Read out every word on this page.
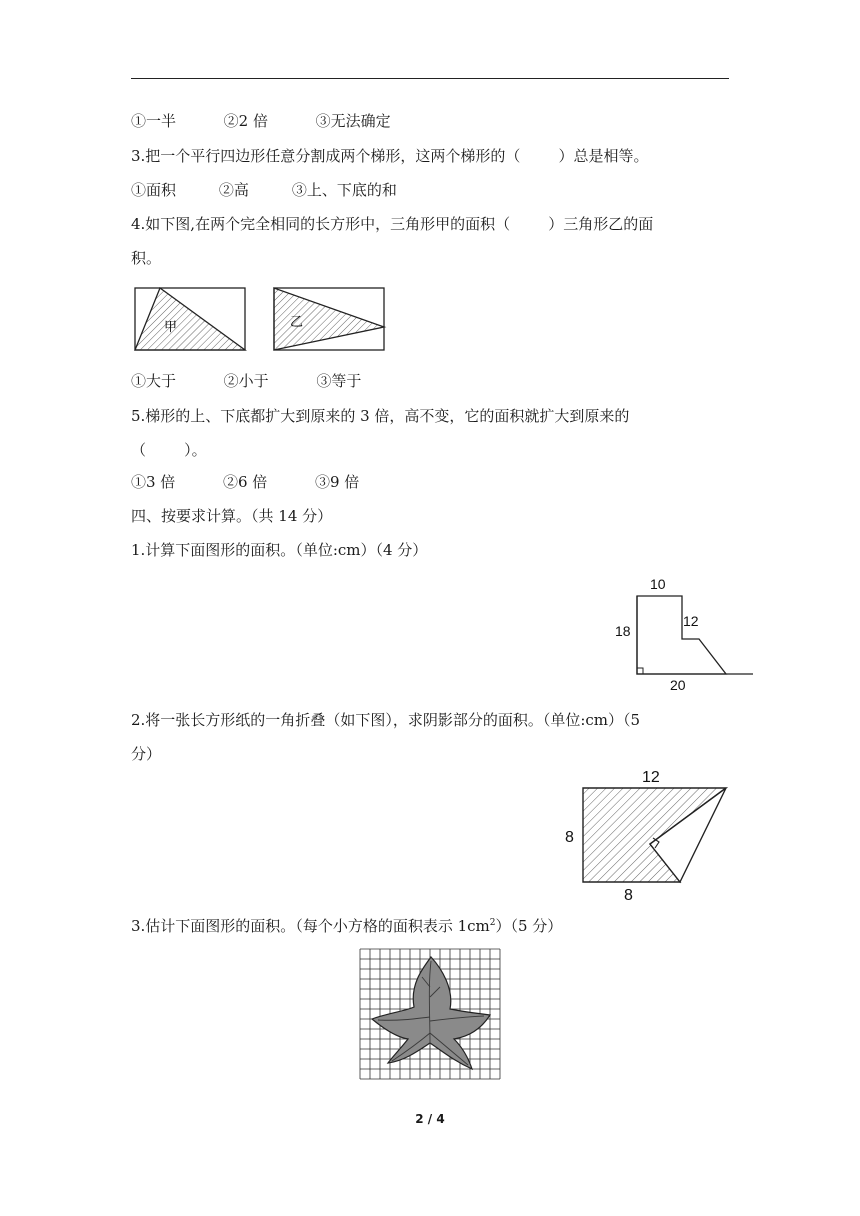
①一半          ②2 倍          ③无法确定
3.把一个平行四边形任意分割成两个梯形，这两个梯形的（        ）总是相等。
①面积         ②高         ③上、下底的和
4.如下图,在两个完全相同的长方形中，三角形甲的面积（        ）三角形乙的面
积。
甲	乙
①大于          ②小于          ③等于
5.梯形的上、下底都扩大到原来的 3 倍，高不变，它的面积就扩大到原来的
（        ）。
①3 倍          ②6 倍          ③9 倍
四、按要求计算。（共 14 分）
1.计算下面图形的面积。（单位:cm）（4 分）
10
18
12
20
2.将一张长方形纸的一角折叠（如下图），求阴影部分的面积。（单位:cm）（5
分）
12
8
8
3.估计下面图形的面积。（每个小方格的面积表示 $1cm^2)(5$ 分）
2 / 4
